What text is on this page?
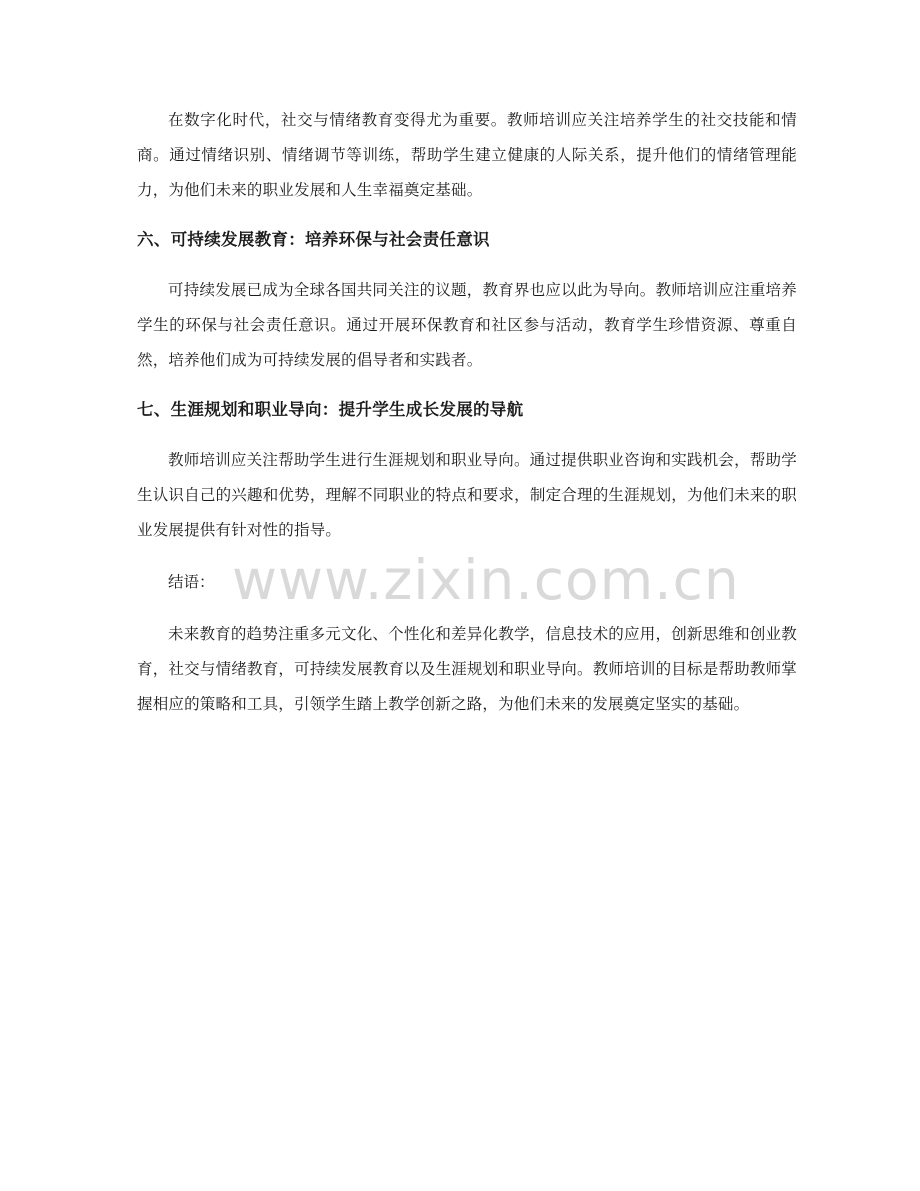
在数字化时代，社交与情绪教育变得尤为重要。教师培训应关注培养学生的社交技能和情商。通过情绪识别、情绪调节等训练，帮助学生建立健康的人际关系，提升他们的情绪管理能力，为他们未来的职业发展和人生幸福奠定基础。

六、可持续发展教育：培养环保与社会责任意识

可持续发展已成为全球各国共同关注的议题，教育界也应以此为导向。教师培训应注重培养学生的环保与社会责任意识。通过开展环保教育和社区参与活动，教育学生珍惜资源、尊重自然，培养他们成为可持续发展的倡导者和实践者。

七、生涯规划和职业导向：提升学生成长发展的导航

教师培训应关注帮助学生进行生涯规划和职业导向。通过提供职业咨询和实践机会，帮助学生认识自己的兴趣和优势，理解不同职业的特点和要求，制定合理的生涯规划，为他们未来的职业发展提供有针对性的指导。

结语：

未来教育的趋势注重多元文化、个性化和差异化教学，信息技术的应用，创新思维和创业教育，社交与情绪教育，可持续发展教育以及生涯规划和职业导向。教师培训的目标是帮助教师掌握相应的策略和工具，引领学生踏上教学创新之路，为他们未来的发展奠定坚实的基础。

www.zixin.com.cn
